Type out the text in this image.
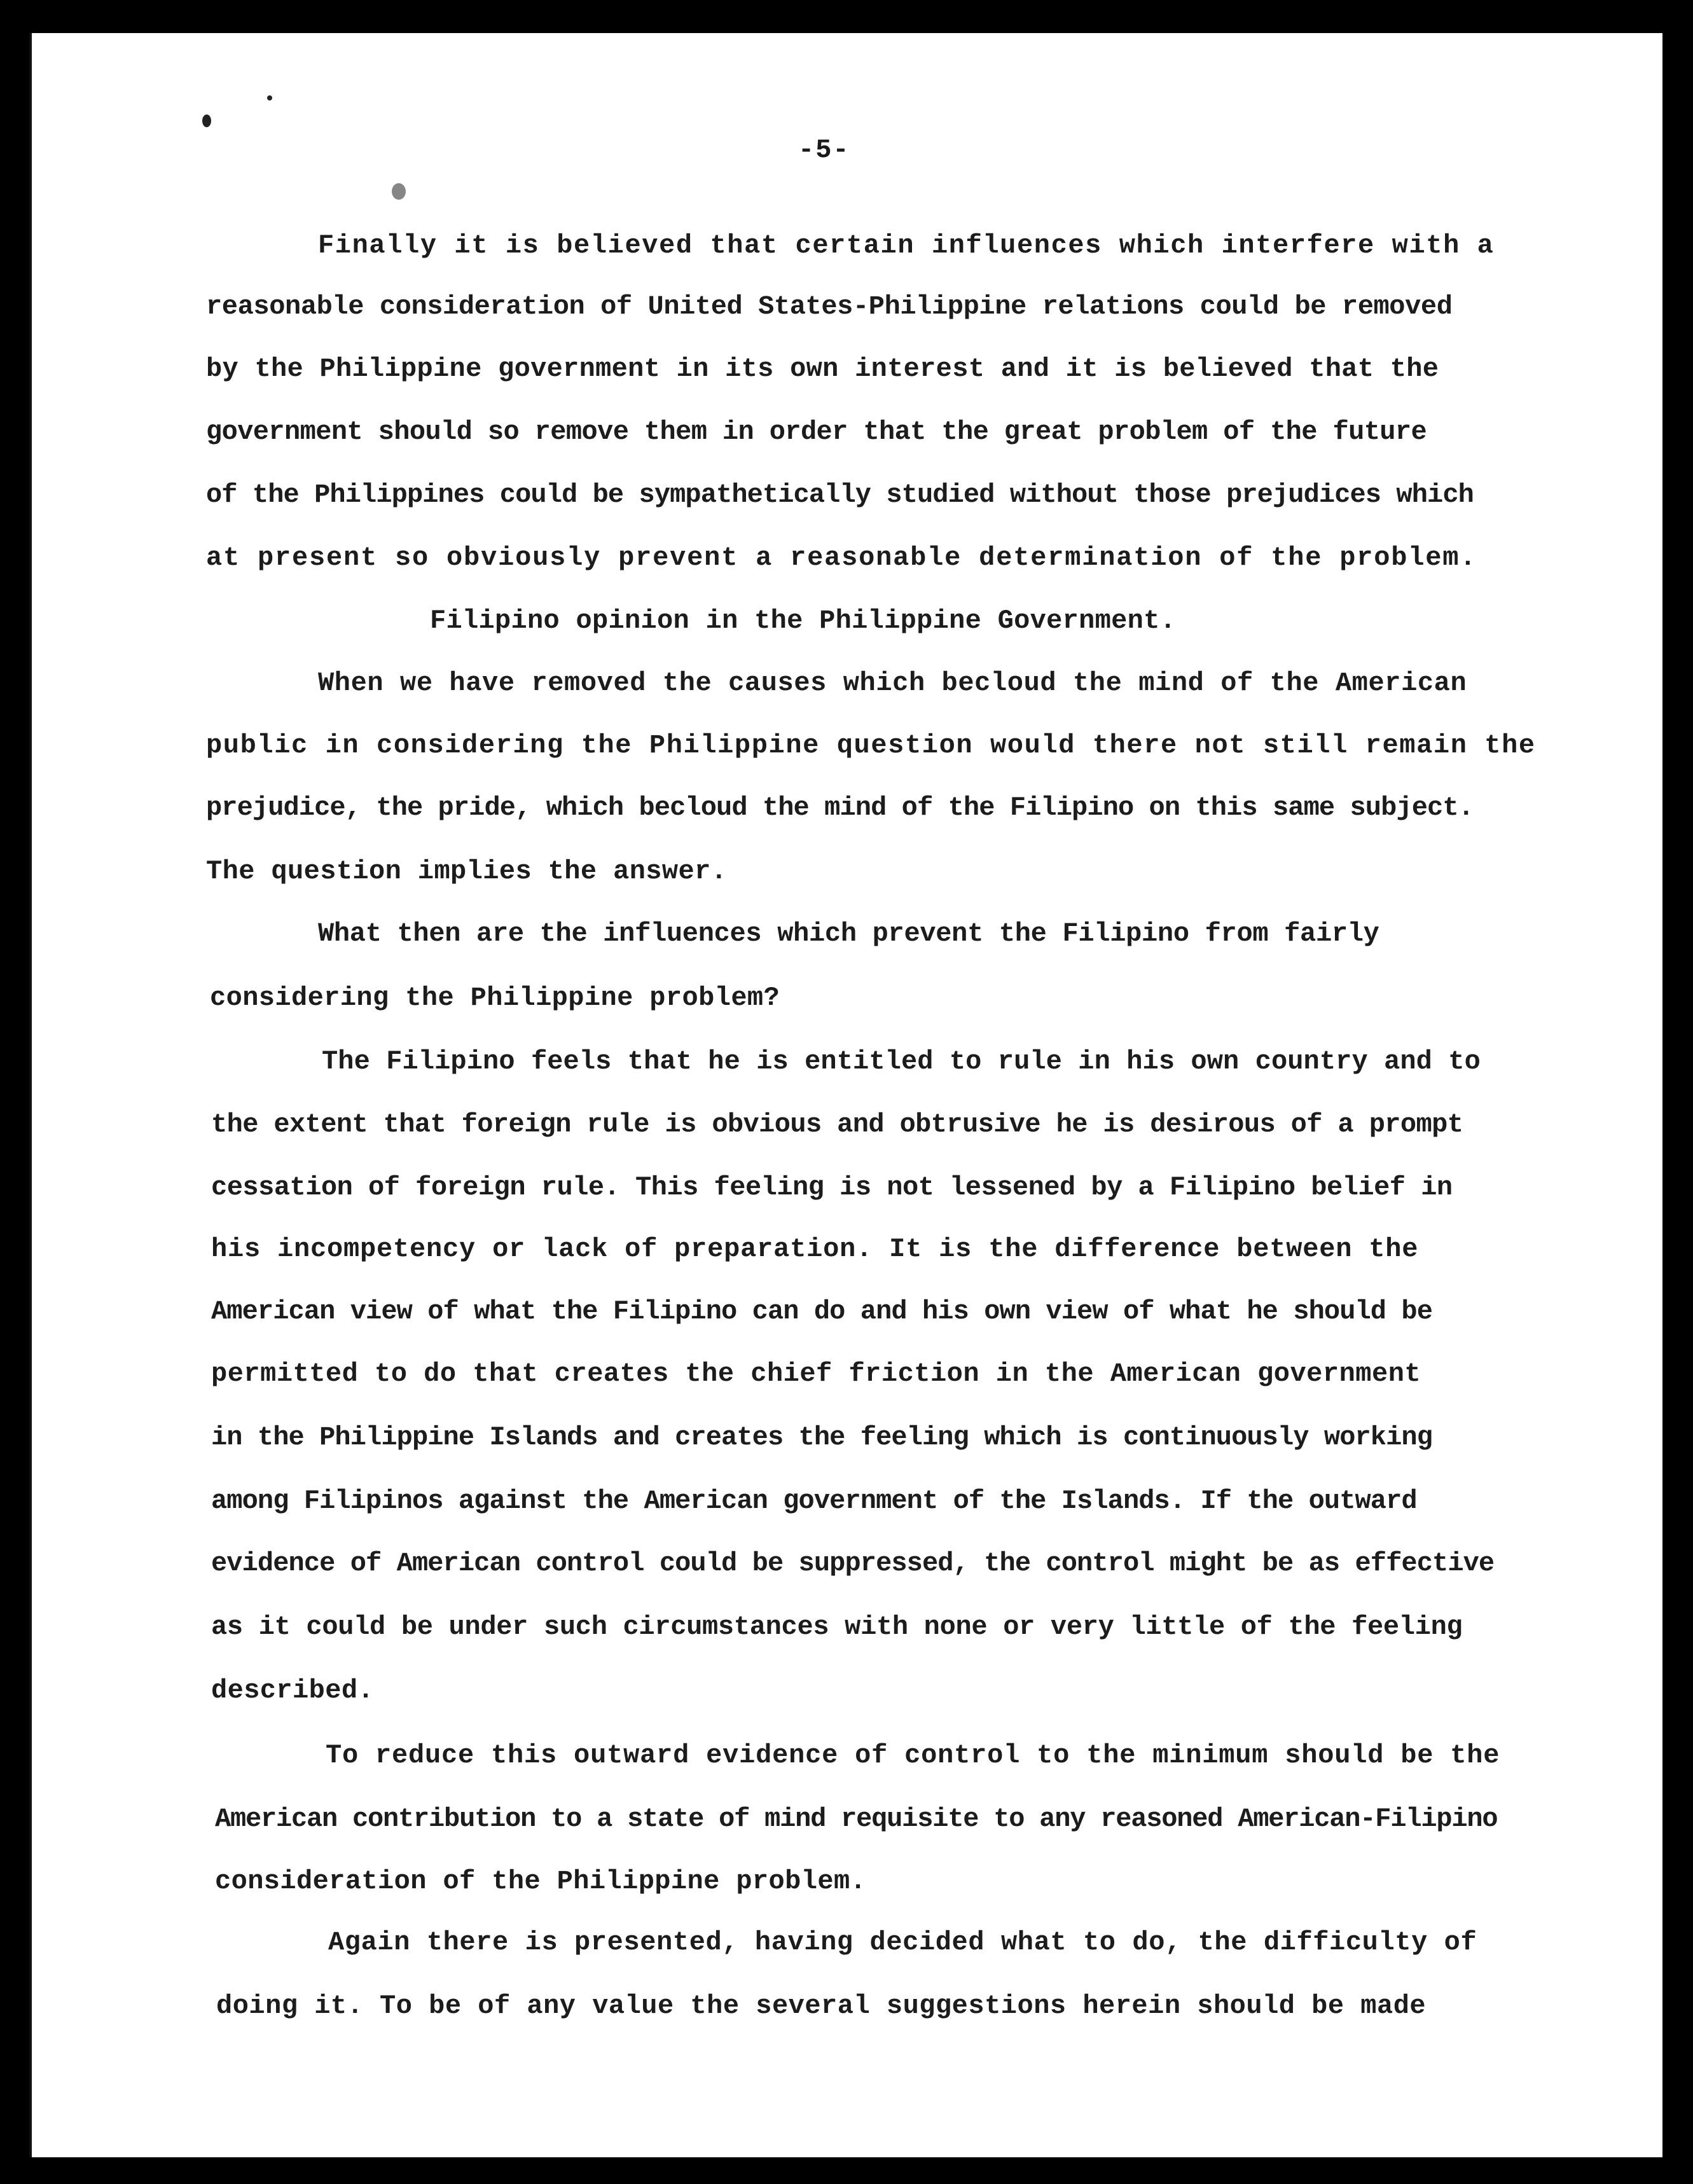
-5-
Finally it is believed that certain influences which interfere with a
reasonable consideration of United States-Philippine relations could be removed
by the Philippine government in its own interest and it is believed that the
government should so remove them in order that the great problem of the future
of the Philippines could be sympathetically studied without those prejudices which
at present so obviously prevent a reasonable determination of the problem.
Filipino opinion in the Philippine Government.
When we have removed the causes which becloud the mind of the American
public in considering the Philippine question would there not still remain the
prejudice, the pride, which becloud the mind of the Filipino on this same subject.
The question implies the answer.
What then are the influences which prevent the Filipino from fairly
considering the Philippine problem?
The Filipino feels that he is entitled to rule in his own country and to
the extent that foreign rule is obvious and obtrusive he is desirous of a prompt
cessation of foreign rule. This feeling is not lessened by a Filipino belief in
his incompetency or lack of preparation. It is the difference between the
American view of what the Filipino can do and his own view of what he should be
permitted to do that creates the chief friction in the American government
in the Philippine Islands and creates the feeling which is continuously working
among Filipinos against the American government of the Islands. If the outward
evidence of American control could be suppressed, the control might be as effective
as it could be under such circumstances with none or very little of the feeling
described.
To reduce this outward evidence of control to the minimum should be the
American contribution to a state of mind requisite to any reasoned American-Filipino
consideration of the Philippine problem.
Again there is presented, having decided what to do, the difficulty of
doing it. To be of any value the several suggestions herein should be made
